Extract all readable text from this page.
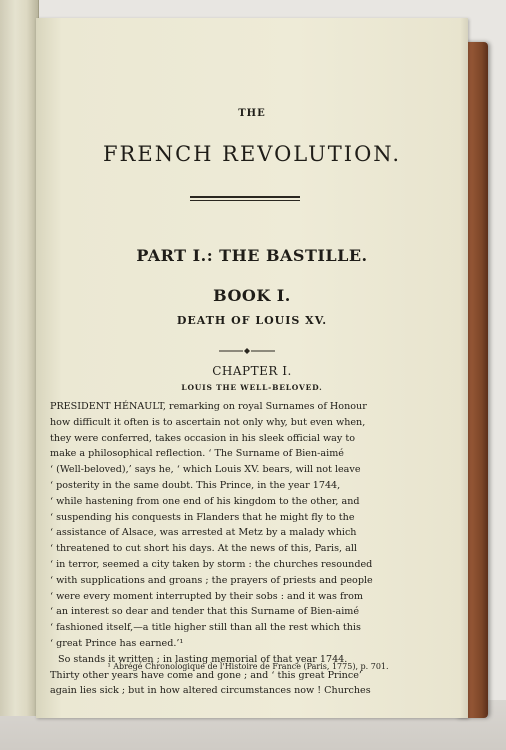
THE
FRENCH REVOLUTION.
PART I.: THE BASTILLE.
BOOK I.
DEATH OF LOUIS XV.
CHAPTER I.
LOUIS THE WELL-BELOVED.
PRESIDENT HÉNAULT, remarking on royal Surnames of Honour
how difficult it often is to ascertain not only why, but even when,
they were conferred, takes occasion in his sleek official way to
make a philosophical reflection. ‘ The Surname of Bien-aimé
‘ (Well-beloved),’ says he, ‘ which Louis XV. bears, will not leave
‘ posterity in the same doubt. This Prince, in the year 1744,
‘ while hastening from one end of his kingdom to the other, and
‘ suspending his conquests in Flanders that he might fly to the
‘ assistance of Alsace, was arrested at Metz by a malady which
‘ threatened to cut short his days. At the news of this, Paris, all
‘ in terror, seemed a city taken by storm : the churches resounded
‘ with supplications and groans ; the prayers of priests and people
‘ were every moment interrupted by their sobs : and it was from
‘ an interest so dear and tender that this Surname of Bien-aimé
‘ fashioned itself,—a title higher still than all the rest which this
‘ great Prince has earned.’¹
So stands it written ; in lasting memorial of that year 1744.
Thirty other years have come and gone ; and ‘ this great Prince’
again lies sick ; but in how altered circumstances now ! Churches
¹ Abrégé Chronologique de l'Histoire de France (Paris, 1775), p. 701.
